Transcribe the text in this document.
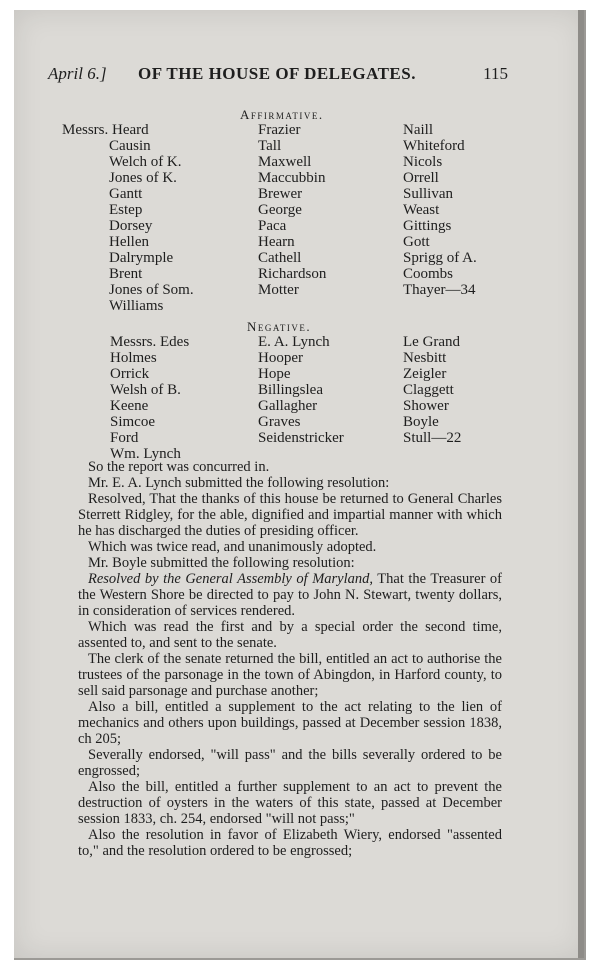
April 6.] OF THE HOUSE OF DELEGATES.	115
Affirmative.
Messrs. Heard
Causin
Welch of K.
Jones of K.
Gantt
Estep
Dorsey
Hellen
Dalrymple
Brent
Jones of Som.
Williams
Frazier
Tall
Maxwell
Maccubbin
Brewer
George
Paca
Hearn
Cathell
Richardson
Motter
Naill
Whiteford
Nicols
Orrell
Sullivan
Weast
Gittings
Gott
Sprigg of A.
Coombs
Thayer—34
Negative.
Messrs. Edes
Holmes
Orrick
Welsh of B.
Keene
Simcoe
Ford
Wm. Lynch
E. A. Lynch
Hooper
Hope
Billingslea
Gallagher
Graves
Seidenstricker
Le Grand
Nesbitt
Zeigler
Claggett
Shower
Boyle
Stull—22

So the report was concurred in.

Mr. E. A. Lynch submitted the following resolution:

Resolved, That the thanks of this house be returned to General Charles Sterrett Ridgley, for the able, dignified and impartial manner with which he has discharged the duties of presiding officer.

Which was twice read, and unanimously adopted.

Mr. Boyle submitted the following resolution:

Resolved by the General Assembly of Maryland, That the Treasurer of the Western Shore be directed to pay to John N. Stewart, twenty dollars, in consideration of services rendered.

Which was read the first and by a special order the second time, assented to, and sent to the senate.

The clerk of the senate returned the bill, entitled an act to authorise the trustees of the parsonage in the town of Abingdon, in Harford county, to sell said parsonage and purchase another;

Also a bill, entitled a supplement to the act relating to the lien of mechanics and others upon buildings, passed at December session 1838, ch 205;

Severally endorsed, "will pass" and the bills severally ordered to be engrossed;

Also the bill, entitled a further supplement to an act to prevent the destruction of oysters in the waters of this state, passed at December session 1833, ch. 254, endorsed "will not pass;"

Also the resolution in favor of Elizabeth Wiery, endorsed "assented to," and the resolution ordered to be engrossed;
